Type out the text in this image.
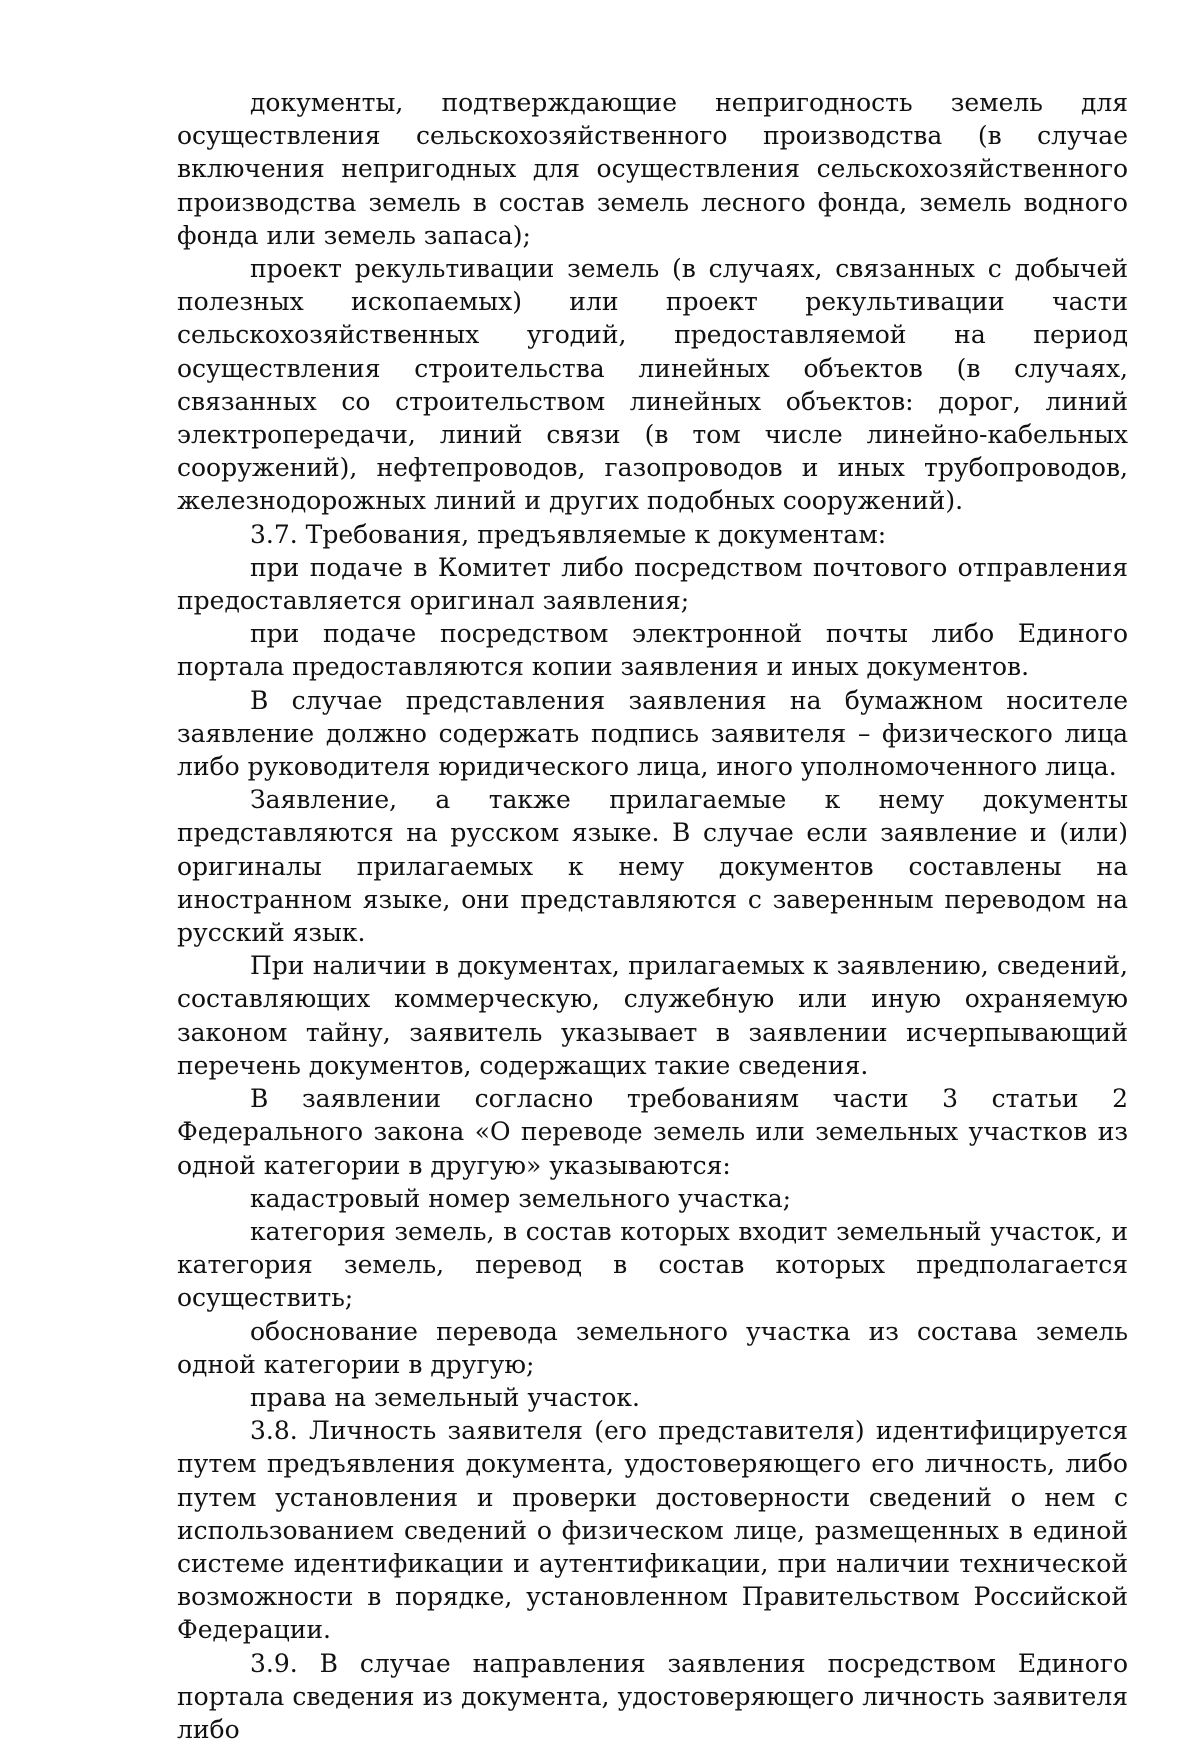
документы, подтверждающие непригодность земель для осуществления сельскохозяйственного производства (в случае включения непригодных для осуществления сельскохозяйственного производства земель в состав земель лесного фонда, земель водного фонда или земель запаса);

проект рекультивации земель (в случаях, связанных с добычей полезных ископаемых) или проект рекультивации части сельскохозяйственных угодий, предоставляемой на период осуществления строительства линейных объектов (в случаях, связанных со строительством линейных объектов: дорог, линий электропередачи, линий связи (в том числе линейно-кабельных сооружений), нефтепроводов, газопроводов и иных трубопроводов, железнодорожных линий и других подобных сооружений).

3.7. Требования, предъявляемые к документам:

при подаче в Комитет либо посредством почтового отправления предоставляется оригинал заявления;

при подаче посредством электронной почты либо Единого портала предоставляются копии заявления и иных документов.

В случае представления заявления на бумажном носителе заявление должно содержать подпись заявителя – физического лица либо руководителя юридического лица, иного уполномоченного лица.

Заявление, а также прилагаемые к нему документы представляются на русском языке. В случае если заявление и (или) оригиналы прилагаемых к нему документов составлены на иностранном языке, они представляются с заверенным переводом на русский язык.

При наличии в документах, прилагаемых к заявлению, сведений, составляющих коммерческую, служебную или иную охраняемую законом тайну, заявитель указывает в заявлении исчерпывающий перечень документов, содержащих такие сведения.

В заявлении согласно требованиям части 3 статьи 2 Федерального закона «О переводе земель или земельных участков из одной категории в другую» указываются:

кадастровый номер земельного участка;

категория земель, в состав которых входит земельный участок, и категория земель, перевод в состав которых предполагается осуществить;

обоснование перевода земельного участка из состава земель одной категории в другую;

права на земельный участок.

3.8. Личность заявителя (его представителя) идентифицируется путем предъявления документа, удостоверяющего его личность, либо путем установления и проверки достоверности сведений о нем с использованием сведений о физическом лице, размещенных в единой системе идентификации и аутентификации, при наличии технической возможности в порядке, установленном Правительством Российской Федерации.

3.9. В случае направления заявления посредством Единого портала сведения из документа, удостоверяющего личность заявителя либо
